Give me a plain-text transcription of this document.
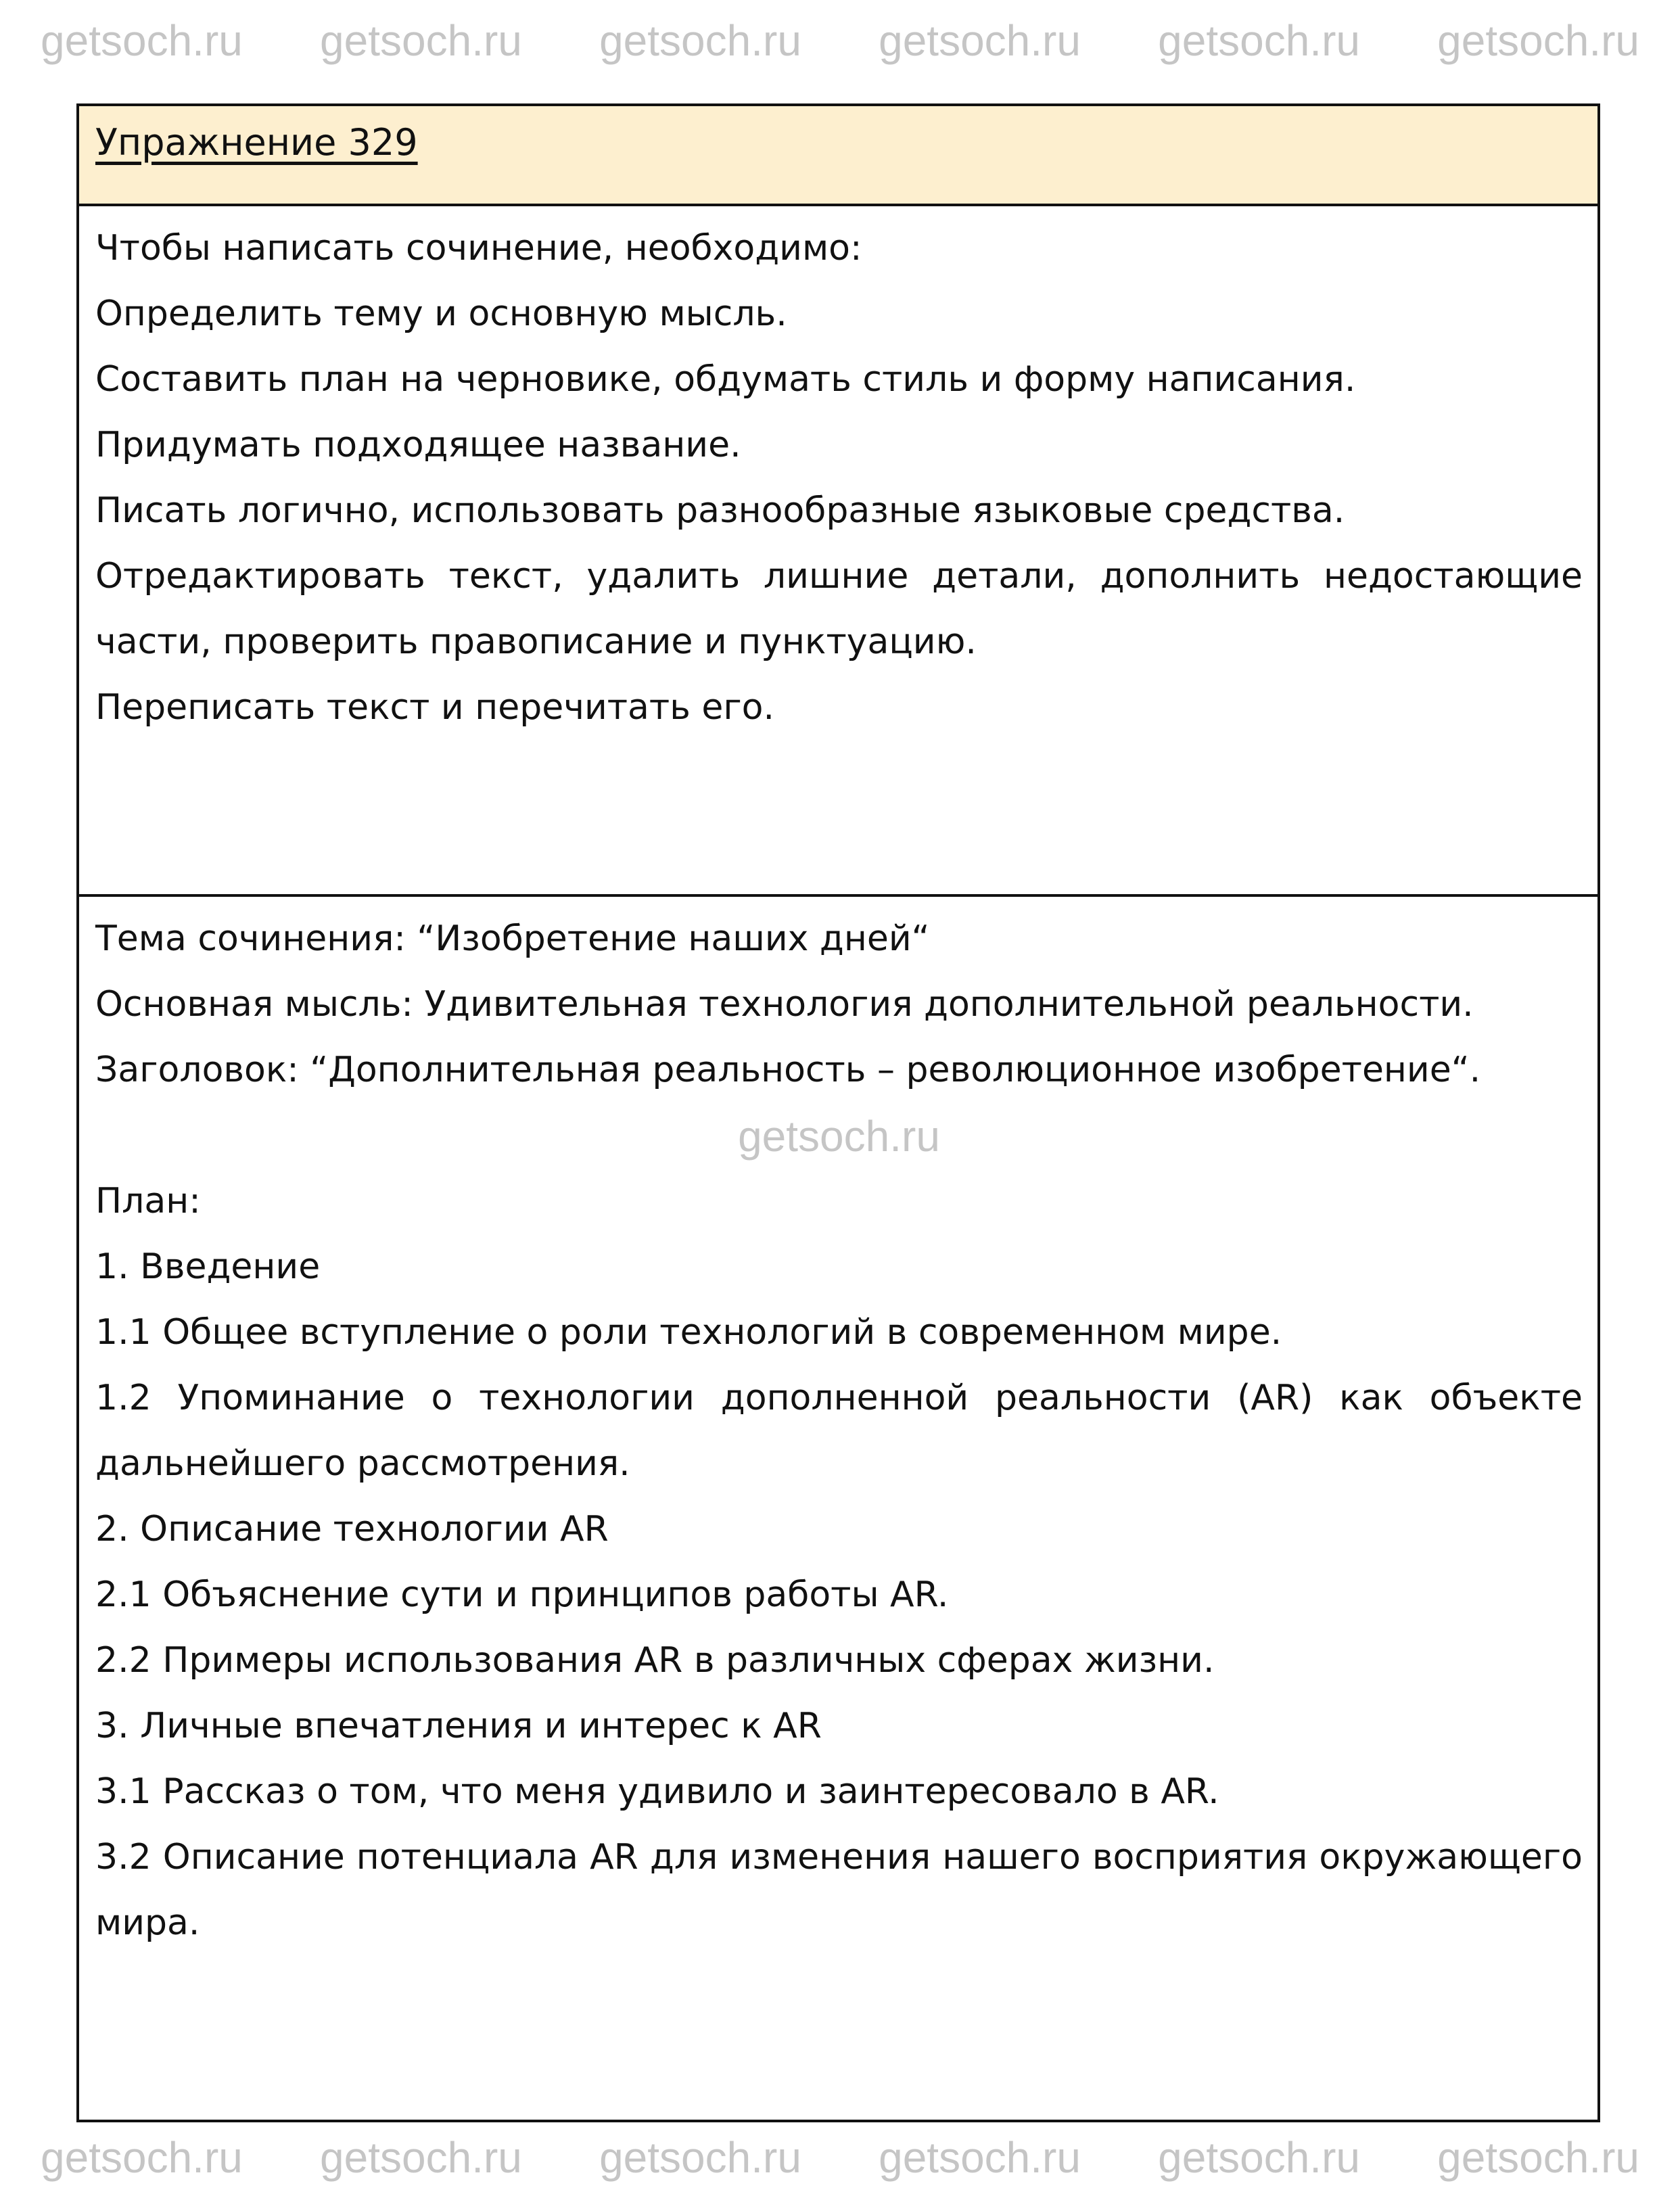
getsoch.ru getsoch.ru getsoch.ru getsoch.ru getsoch.ru getsoch.ru
Упражнение 329

Чтобы написать сочинение, необходимо:

Определить тему и основную мысль.

Составить план на черновике, обдумать стиль и форму написания.

Придумать подходящее название.

Писать логично, использовать разнообразные языковые средства.

Отредактировать текст, удалить лишние детали, дополнить недостающие части, проверить правописание и пунктуацию.

Переписать текст и перечитать его.

Тема сочинения: “Изобретение наших дней“

Основная мысль: Удивительная технология дополнительной реальности.

Заголовок: “Дополнительная реальность – революционное изобретение“.

getsoch.ru

План:

1. Введение

1.1 Общее вступление о роли технологий в современном мире.

1.2 Упоминание о технологии дополненной реальности (AR) как объекте дальнейшего рассмотрения.

2. Описание технологии AR

2.1 Объяснение сути и принципов работы AR.

2.2 Примеры использования AR в различных сферах жизни.

3. Личные впечатления и интерес к AR

3.1 Рассказ о том, что меня удивило и заинтересовало в AR.

3.2 Описание потенциала AR для изменения нашего восприятия окружающего мира.

getsoch.ru getsoch.ru getsoch.ru getsoch.ru getsoch.ru getsoch.ru
